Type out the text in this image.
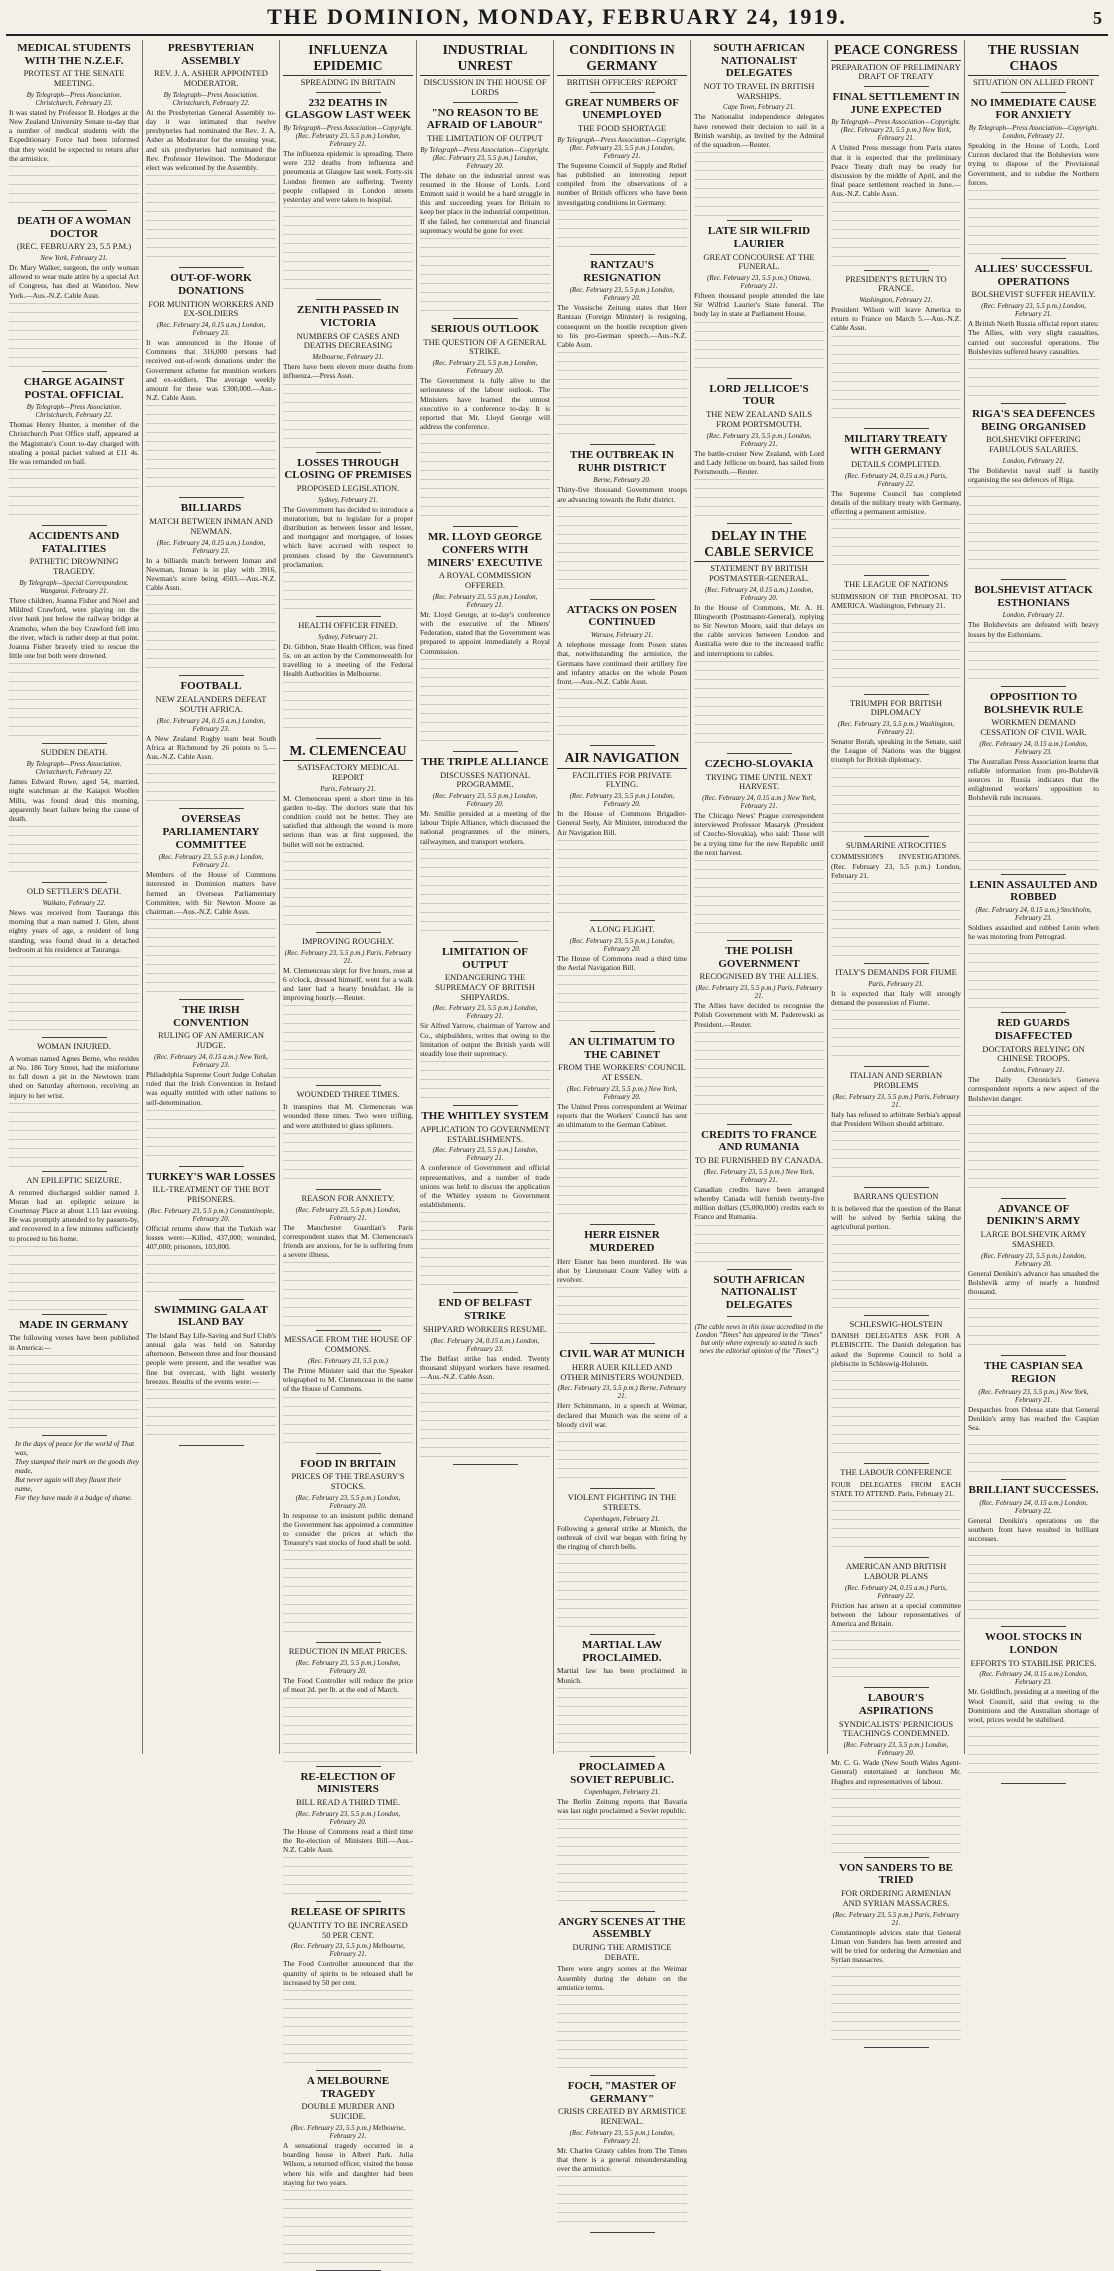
THE DOMINION, MONDAY, FEBRUARY 24, 1919.	5
MEDICAL STUDENTS WITH THE N.Z.E.F.
PROTEST AT THE SENATE MEETING.
By Telegraph—Press Association. Christchurch, February 23.
It was stated by Professor B. Hodges at the New Zealand University Senate to-day that a number of medical students with the Expeditionary Force had been informed that they would be expected to return after the armistice.
DEATH OF A WOMAN DOCTOR
(REC. FEBRUARY 23, 5.5 P.M.)
New York, February 21.
Dr. Mary Walker, surgeon, the only woman allowed to wear male attire by a special Act of Congress, has died at Waterloo, New York.—Aus.-N.Z. Cable Assn.
CHARGE AGAINST POSTAL OFFICIAL
By Telegraph—Press Association. Christchurch, February 22.
Thomas Henry Hunter, a member of the Christchurch Post Office staff, appeared at the Magistrate's Court to-day charged with stealing a postal packet valued at £11 4s. He was remanded on bail.
ACCIDENTS AND FATALITIES
PATHETIC DROWNING TRAGEDY.
By Telegraph—Special Correspondent. Wanganui, February 21.
Three children, Joanna Fisher and Noel and Mildred Crawford, were playing on the river bank just below the railway bridge at Aramoho, when the boy Crawford fell into the river, which is rather deep at that point. Joanna Fisher bravely tried to rescue the little one but both were drowned.
SUDDEN DEATH.
By Telegraph—Press Association. Christchurch, February 22.
James Edward Rowe, aged 54, married, night watchman at the Kaiapoi Woollen Mills, was found dead this morning, apparently heart failure being the cause of death.
OLD SETTLER'S DEATH.
Waikato, February 22.
News was received from Tauranga this morning that a man named J. Glen, about eighty years of age, a resident of long standing, was found dead in a detached bedroom at his residence at Tauranga.
WOMAN INJURED.
A woman named Agnes Berne, who resides at No. 186 Tory Street, had the misfortune to fall down a pit in the Newtown tram shed on Saturday afternoon, receiving an injury to her wrist.
AN EPILEPTIC SEIZURE.
A returned discharged soldier named J. Moran had an epileptic seizure in Courtenay Place at about 1.15 last evening. He was promptly attended to by passers-by, and recovered in a few minutes sufficiently to proceed to his home.
MADE IN GERMANY
The following verses have been published in America:—
In the days of peace for the world of That was,
They stamped their mark on the goods they made,
But never again will they flaunt their name,
For they have made it a badge of shame.
PRESBYTERIAN ASSEMBLY
REV. J. A. ASHER APPOINTED MODERATOR.
By Telegraph—Press Association. Christchurch, February 22.
At the Presbyterian General Assembly to-day it was intimated that twelve presbyteries had nominated the Rev. J. A. Asher as Moderator for the ensuing year, and six presbyteries had nominated the Rev. Professor Hewitson. The Moderator elect was welcomed by the Assembly.
OUT-OF-WORK DONATIONS
FOR MUNITION WORKERS AND EX-SOLDIERS
(Rec. February 24, 0.15 a.m.) London, February 23.
It was announced in the House of Commons that 316,000 persons had received out-of-work donations under the Government scheme for munition workers and ex-soldiers. The average weekly amount for these was £300,000.—Aus.-N.Z. Cable Assn.
BILLIARDS
MATCH BETWEEN INMAN AND NEWMAN.
(Rec. February 24, 0.15 a.m.) London, February 23.
In a billiards match between Inman and Newman, Inman is in play with 3916, Newman's score being 4503.—Aus.-N.Z. Cable Assn.
FOOTBALL
NEW ZEALANDERS DEFEAT SOUTH AFRICA.
(Rec. February 24, 0.15 a.m.) London, February 23.
A New Zealand Rugby team beat South Africa at Richmond by 26 points to 5.—Aus.-N.Z. Cable Assn.
OVERSEAS PARLIAMENTARY COMMITTEE
(Rec. February 23, 5.5 p.m.) London, February 21.
Members of the House of Commons interested in Dominion matters have formed an Overseas Parliamentary Committee, with Sir Newton Moore as chairman.—Aus.-N.Z. Cable Assn.
THE IRISH CONVENTION
RULING OF AN AMERICAN JUDGE.
(Rec. February 24, 0.15 a.m.) New York, February 23.
Philadelphia Supreme Court Judge Cohalan ruled that the Irish Convention in Ireland was equally entitled with other nations to self-determination.
TURKEY'S WAR LOSSES
ILL-TREATMENT OF THE BOT PRISONERS.
(Rec. February 23, 5.5 p.m.) Constantinople, February 20.
Official returns show that the Turkish war losses were:—Killed, 437,000; wounded, 407,000; prisoners, 103,000.
SWIMMING GALA AT ISLAND BAY
The Island Bay Life-Saving and Surf Club's annual gala was held on Saturday afternoon. Between three and four thousand people were present, and the weather was fine but overcast, with light westerly breezes. Results of the events were:—
INFLUENZA EPIDEMIC
SPREADING IN BRITAIN
232 DEATHS IN GLASGOW LAST WEEK
By Telegraph—Press Association—Copyright. (Rec. February 23, 5.5 p.m.) London, February 21.
The influenza epidemic is spreading. There were 232 deaths from influenza and pneumonia at Glasgow last week. Forty-six London firemen are suffering. Twenty people collapsed in London streets yesterday and were taken to hospital.
ZENITH PASSED IN VICTORIA
NUMBERS OF CASES AND DEATHS DECREASING
Melbourne, February 21.
There have been eleven more deaths from influenza.—Press Assn.
LOSSES THROUGH CLOSING OF PREMISES
PROPOSED LEGISLATION.
Sydney, February 21.
The Government has decided to introduce a moratorium, but to legislate for a proper distribution as between lessor and lessee, and mortgagor and mortgagee, of losses which have accrued with respect to premises closed by the Government's proclamation.
HEALTH OFFICER FINED.
Sydney, February 21.
Dr. Gibbon, State Health Officer, was fined 5s. on an action by the Commonwealth for travelling to a meeting of the Federal Health Authorities in Melbourne.
M. CLEMENCEAU
SATISFACTORY MEDICAL REPORT
Paris, February 21.
M. Clemenceau spent a short time in his garden to-day. The doctors state that his condition could not be better. They are satisfied that although the wound is more serious than was at first supposed, the bullet will not be extracted.
IMPROVING ROUGHLY.
(Rec. February 23, 5.5 p.m.) Paris, February 21.
M. Clemenceau slept for five hours, rose at 6 o'clock, dressed himself, went for a walk and later had a hearty breakfast. He is improving hourly.—Reuter.
WOUNDED THREE TIMES.
It transpires that M. Clemenceau was wounded three times. Two were trifling, and were attributed to glass splinters.
REASON FOR ANXIETY.
(Rec. February 23, 5.5 p.m.) London, February 21.
The Manchester Guardian's Paris correspondent states that M. Clemenceau's friends are anxious, for he is suffering from a severe illness.
MESSAGE FROM THE HOUSE OF COMMONS.
(Rec. February 23, 5.5 p.m.)
The Prime Minister said that the Speaker telegraphed to M. Clemenceau in the name of the House of Commons.
FOOD IN BRITAIN
PRICES OF THE TREASURY'S STOCKS.
(Rec. February 23, 5.5 p.m.) London, February 20.
In response to an insistent public demand the Government has appointed a committee to consider the prices at which the Treasury's vast stocks of food shall be sold.
REDUCTION IN MEAT PRICES.
(Rec. February 23, 5.5 p.m.) London, February 20.
The Food Controller will reduce the price of meat 2d. per lb. at the end of March.
RE-ELECTION OF MINISTERS
BILL READ A THIRD TIME.
(Rec. February 23, 5.5 p.m.) London, February 20.
The House of Commons read a third time the Re-election of Ministers Bill.—Aus.-N.Z. Cable Assn.
RELEASE OF SPIRITS
QUANTITY TO BE INCREASED 50 PER CENT.
(Rec. February 23, 5.5 p.m.) Melbourne, February 21.
The Food Controller announced that the quantity of spirits to be released shall be increased by 50 per cent.
A MELBOURNE TRAGEDY
DOUBLE MURDER AND SUICIDE.
(Rec. February 23, 5.5 p.m.) Melbourne, February 21.
A sensational tragedy occurred in a boarding house in Albert Park. Julia Wilson, a returned officer, visited the house where his wife and daughter had been staying for two years.
INDUSTRIAL UNREST
DISCUSSION IN THE HOUSE OF LORDS
"NO REASON TO BE AFRAID OF LABOUR"
THE LIMITATION OF OUTPUT
By Telegraph—Press Association—Copyright. (Rec. February 23, 5.5 p.m.) London, February 20.
The debate on the industrial unrest was resumed in the House of Lords. Lord Emmott said it would be a hard struggle in this and succeeding years for Britain to keep her place in the industrial competition. If she failed, her commercial and financial supremacy would be gone for ever.
SERIOUS OUTLOOK
THE QUESTION OF A GENERAL STRIKE.
(Rec. February 23, 5.5 p.m.) London, February 20.
The Government is fully alive to the seriousness of the labour outlook. The Ministers have learned the utmost executive to a conference to-day. It is reported that Mr. Lloyd George will address the conference.
MR. LLOYD GEORGE CONFERS WITH MINERS' EXECUTIVE
A ROYAL COMMISSION OFFERED.
(Rec. February 23, 5.5 p.m.) London, February 21.
Mr. Lloyd George, at to-day's conference with the executive of the Miners' Federation, stated that the Government was prepared to appoint immediately a Royal Commission.
THE TRIPLE ALLIANCE
DISCUSSES NATIONAL PROGRAMME.
(Rec. February 23, 5.5 p.m.) London, February 20.
Mr. Smillie presided at a meeting of the labour Triple Alliance, which discussed the national programmes of the miners, railwaymen, and transport workers.
LIMITATION OF OUTPUT
ENDANGERING THE SUPREMACY OF BRITISH SHIPYARDS.
(Rec. February 23, 5.5 p.m.) London, February 21.
Sir Alfred Yarrow, chairman of Yarrow and Co., shipbuilders, writes that owing to the limitation of output the British yards will steadily lose their supremacy.
THE WHITLEY SYSTEM
APPLICATION TO GOVERNMENT ESTABLISHMENTS.
(Rec. February 23, 5.5 p.m.) London, February 21.
A conference of Government and official representatives, and a number of trade unions was held to discuss the application of the Whitley system to Government establishments.
END OF BELFAST STRIKE
SHIPYARD WORKERS RESUME.
(Rec. February 24, 0.15 a.m.) London, February 23.
The Belfast strike has ended. Twenty thousand shipyard workers have resumed.—Aus.-N.Z. Cable Assn.
CONDITIONS IN GERMANY
BRITISH OFFICERS' REPORT
GREAT NUMBERS OF UNEMPLOYED
THE FOOD SHORTAGE
By Telegraph—Press Association—Copyright. (Rec. February 23, 5.5 p.m.) London, February 21.
The Supreme Council of Supply and Relief has published an interesting report compiled from the observations of a number of British officers who have been investigating conditions in Germany.
RANTZAU'S RESIGNATION
(Rec. February 23, 5.5 p.m.) London, February 20.
The Vossische Zeitung states that Herr Rantzau (Foreign Minister) is resigning, consequent on the hostile reception given to his pro-German speech.—Aus.-N.Z. Cable Assn.
THE OUTBREAK IN RUHR DISTRICT
Berne, February 20.
Thirty-five thousand Government troops are advancing towards the Ruhr district.
ATTACKS ON POSEN CONTINUED
Warsaw, February 21.
A telephone message from Posen states that, notwithstanding the armistice, the Germans have continued their artillery fire and infantry attacks on the whole Posen front.—Aus.-N.Z. Cable Assn.
AIR NAVIGATION
FACILITIES FOR PRIVATE FLYING.
(Rec. February 23, 5.5 p.m.) London, February 20.
In the House of Commons Brigadier-General Seely, Air Minister, introduced the Air Navigation Bill.
A LONG FLIGHT.
(Rec. February 23, 5.5 p.m.) London, February 20.
The House of Commons read a third time the Aerial Navigation Bill.
AN ULTIMATUM TO THE CABINET
FROM THE WORKERS' COUNCIL AT ESSEN.
(Rec. February 23, 5.5 p.m.) New York, February 20.
The United Press correspondent at Weimar reports that the Workers' Council has sent an ultimatum to the German Cabinet.
HERR EISNER MURDERED
Herr Eisner has been murdered. He was shot by Lieutenant Count Valley with a revolver.
CIVIL WAR AT MUNICH
HERR AUER KILLED AND OTHER MINISTERS WOUNDED.
(Rec. February 23, 5.5 p.m.) Berne, February 21.
Herr Schimmann, in a speech at Weimar, declared that Munich was the scene of a bloody civil war.
VIOLENT FIGHTING IN THE STREETS.
Copenhagen, February 21.
Following a general strike at Munich, the outbreak of civil war began with firing by the ringing of church bells.
MARTIAL LAW PROCLAIMED.
Martial law has been proclaimed in Munich.
PROCLAIMED A SOVIET REPUBLIC.
Copenhagen, February 21.
The Berlin Zeitung reports that Bavaria was last night proclaimed a Soviet republic.
ANGRY SCENES AT THE ASSEMBLY
DURING THE ARMISTICE DEBATE.
There were angry scenes at the Weimar Assembly during the debate on the armistice terms.
FOCH, "MASTER OF GERMANY"
CRISIS CREATED BY ARMISTICE RENEWAL.
(Rec. February 23, 5.5 p.m.) London, February 21.
Mr. Charles Grasty cables from The Times that there is a general misunderstanding over the armistice.
SOUTH AFRICAN NATIONALIST DELEGATES
NOT TO TRAVEL IN BRITISH WARSHIPS.
Cape Town, February 21.
The Nationalist independence delegates have renewed their decision to sail in a British warship, as invited by the Admiral of the squadron.—Reuter.
LATE SIR WILFRID LAURIER
GREAT CONCOURSE AT THE FUNERAL.
(Rec. February 23, 5.5 p.m.) Ottawa, February 21.
Fifteen thousand people attended the late Sir Wilfrid Laurier's State funeral. The body lay in state at Parliament House.
LORD JELLICOE'S TOUR
THE NEW ZEALAND SAILS FROM PORTSMOUTH.
(Rec. February 23, 5.5 p.m.) London, February 21.
The battle-cruiser New Zealand, with Lord and Lady Jellicoe on board, has sailed from Portsmouth.—Reuter.
DELAY IN THE CABLE SERVICE
STATEMENT BY BRITISH POSTMASTER-GENERAL.
(Rec. February 24, 0.15 a.m.) London, February 20.
In the House of Commons, Mr. A. H. Illingworth (Postmaster-General), replying to Sir Newton Moore, said that delays on the cable services between London and Australia were due to the increased traffic and interruptions to cables.
CZECHO-SLOVAKIA
TRYING TIME UNTIL NEXT HARVEST.
(Rec. February 24, 0.15 a.m.) New York, February 21.
The Chicago News' Prague correspondent interviewed Professor Masaryk (President of Czecho-Slovakia), who said: These will be a trying time for the new Republic until the next harvest.
THE POLISH GOVERNMENT
RECOGNISED BY THE ALLIES.
(Rec. February 23, 5.5 p.m.) Paris, February 21.
The Allies have decided to recognise the Polish Government with M. Paderewski as President.—Reuter.
CREDITS TO FRANCE AND RUMANIA
TO BE FURNISHED BY CANADA.
(Rec. February 23, 5.5 p.m.) New York, February 21.
Canadian credits have been arranged whereby Canada will furnish twenty-five million dollars (£5,000,000) credits each to France and Rumania.
SOUTH AFRICAN NATIONALIST DELEGATES
(The cable news in this issue accredited in the London "Times" has appeared in the "Times" but only where expressly so stated is such news the editorial opinion of the "Times".)
PEACE CONGRESS
PREPARATION OF PRELIMINARY DRAFT OF TREATY
FINAL SETTLEMENT IN JUNE EXPECTED
By Telegraph—Press Association—Copyright. (Rec. February 23, 5.5 p.m.) New York, February 21.
A United Press message from Paris states that it is expected that the preliminary Peace Treaty draft may be ready for discussion by the middle of April, and the final peace settlement reached in June.—Aus.-N.Z. Cable Assn.
PRESIDENT'S RETURN TO FRANCE.
Washington, February 21.
President Wilson will leave America to return to France on March 5.—Aus.-N.Z. Cable Assn.
MILITARY TREATY WITH GERMANY
DETAILS COMPLETED.
(Rec. February 24, 0.15 a.m.) Paris, February 22.
The Supreme Council has completed details of the military treaty with Germany, effecting a permanent armistice.
THE LEAGUE OF NATIONS
SUBMISSION OF THE PROPOSAL TO AMERICA. Washington, February 21.
TRIUMPH FOR BRITISH DIPLOMACY
(Rec. February 23, 5.5 p.m.) Washington, February 21.
Senator Borah, speaking in the Senate, said the League of Nations was the biggest triumph for British diplomacy.
SUBMARINE ATROCITIES
COMMISSION'S INVESTIGATIONS. (Rec. February 23, 5.5 p.m.) London, February 21.
ITALY'S DEMANDS FOR FIUME
Paris, February 21.
It is expected that Italy will strongly demand the possession of Fiume.
ITALIAN AND SERBIAN PROBLEMS
(Rec. February 23, 5.5 p.m.) Paris, February 21.
Italy has refused to arbitrate Serbia's appeal that President Wilson should arbitrate.
BARRANS QUESTION
It is believed that the question of the Banat will be solved by Serbia taking the agricultural portion.
SCHLESWIG-HOLSTEIN
DANISH DELEGATES ASK FOR A PLEBISCITE. The Danish delegation has asked the Supreme Council to hold a plebiscite in Schleswig-Holstein.
THE LABOUR CONFERENCE
FOUR DELEGATES FROM EACH STATE TO ATTEND. Paris, February 21.
AMERICAN AND BRITISH LABOUR PLANS
(Rec. February 24, 0.15 a.m.) Paris, February 22.
Friction has arisen at a special committee between the labour representatives of America and Britain.
LABOUR'S ASPIRATIONS
SYNDICALISTS' PERNICIOUS TEACHINGS CONDEMNED.
(Rec. February 23, 5.5 p.m.) London, February 20.
Mr. C. G. Wade (New South Wales Agent-General) entertained at luncheon Mr. Hughes and representatives of labour.
VON SANDERS TO BE TRIED
FOR ORDERING ARMENIAN AND SYRIAN MASSACRES.
(Rec. February 23, 5.5 p.m.) Paris, February 21.
Constantinople advices state that General Liman von Sanders has been arrested and will be tried for ordering the Armenian and Syrian massacres.
THE RUSSIAN CHAOS
SITUATION ON ALLIED FRONT
NO IMMEDIATE CAUSE FOR ANXIETY
By Telegraph—Press Association—Copyright. London, February 21.
Speaking in the House of Lords, Lord Curzon declared that the Bolshevists were trying to dispose of the Provisional Government, and to subdue the Northern forces.
ALLIES' SUCCESSFUL OPERATIONS
BOLSHEVIST SUFFER HEAVILY.
(Rec. February 23, 5.5 p.m.) London, February 21.
A British North Russia official report states: The Allies, with very slight casualties, carried out successful operations. The Bolshevists suffered heavy casualties.
RIGA'S SEA DEFENCES BEING ORGANISED
BOLSHEVIKI OFFERING FABULOUS SALARIES.
London, February 21.
The Bolshevist naval staff is hastily organising the sea defences of Riga.
BOLSHEVIST ATTACK ESTHONIANS
London, February 21.
The Bolshevists are defeated with heavy losses by the Esthonians.
OPPOSITION TO BOLSHEVIK RULE
WORKMEN DEMAND CESSATION OF CIVIL WAR.
(Rec. February 24, 0.15 a.m.) London, February 23.
The Australian Press Association learns that reliable information from pro-Bolshevik sources in Russia indicates that the enlightened workers' opposition to Bolshevik rule increases.
LENIN ASSAULTED AND ROBBED
(Rec. February 24, 0.15 a.m.) Stockholm, February 23.
Soldiers assaulted and robbed Lenin when he was motoring from Petrograd.
RED GUARDS DISAFFECTED
DOCTATORS RELYING ON CHINESE TROOPS.
London, February 21.
The Daily Chronicle's Geneva correspondent reports a new aspect of the Bolshevist danger.
ADVANCE OF DENIKIN'S ARMY
LARGE BOLSHEVIK ARMY SMASHED.
(Rec. February 23, 5.5 p.m.) London, February 20.
General Denikin's advance has smashed the Bolshevik army of nearly a hundred thousand.
THE CASPIAN SEA REGION
(Rec. February 23, 5.5 p.m.) New York, February 21.
Despatches from Odessa state that General Denikin's army has reached the Caspian Sea.
BRILLIANT SUCCESSES.
(Rec. February 24, 0.15 a.m.) London, February 22.
General Denikin's operations on the southern front have resulted in brilliant successes.
WOOL STOCKS IN LONDON
EFFORTS TO STABILISE PRICES.
(Rec. February 24, 0.15 a.m.) London, February 23.
Mr. Goldfinch, presiding at a meeting of the Wool Council, said that owing to the Dominions and the Australian shortage of wool, prices would be stabilised.
